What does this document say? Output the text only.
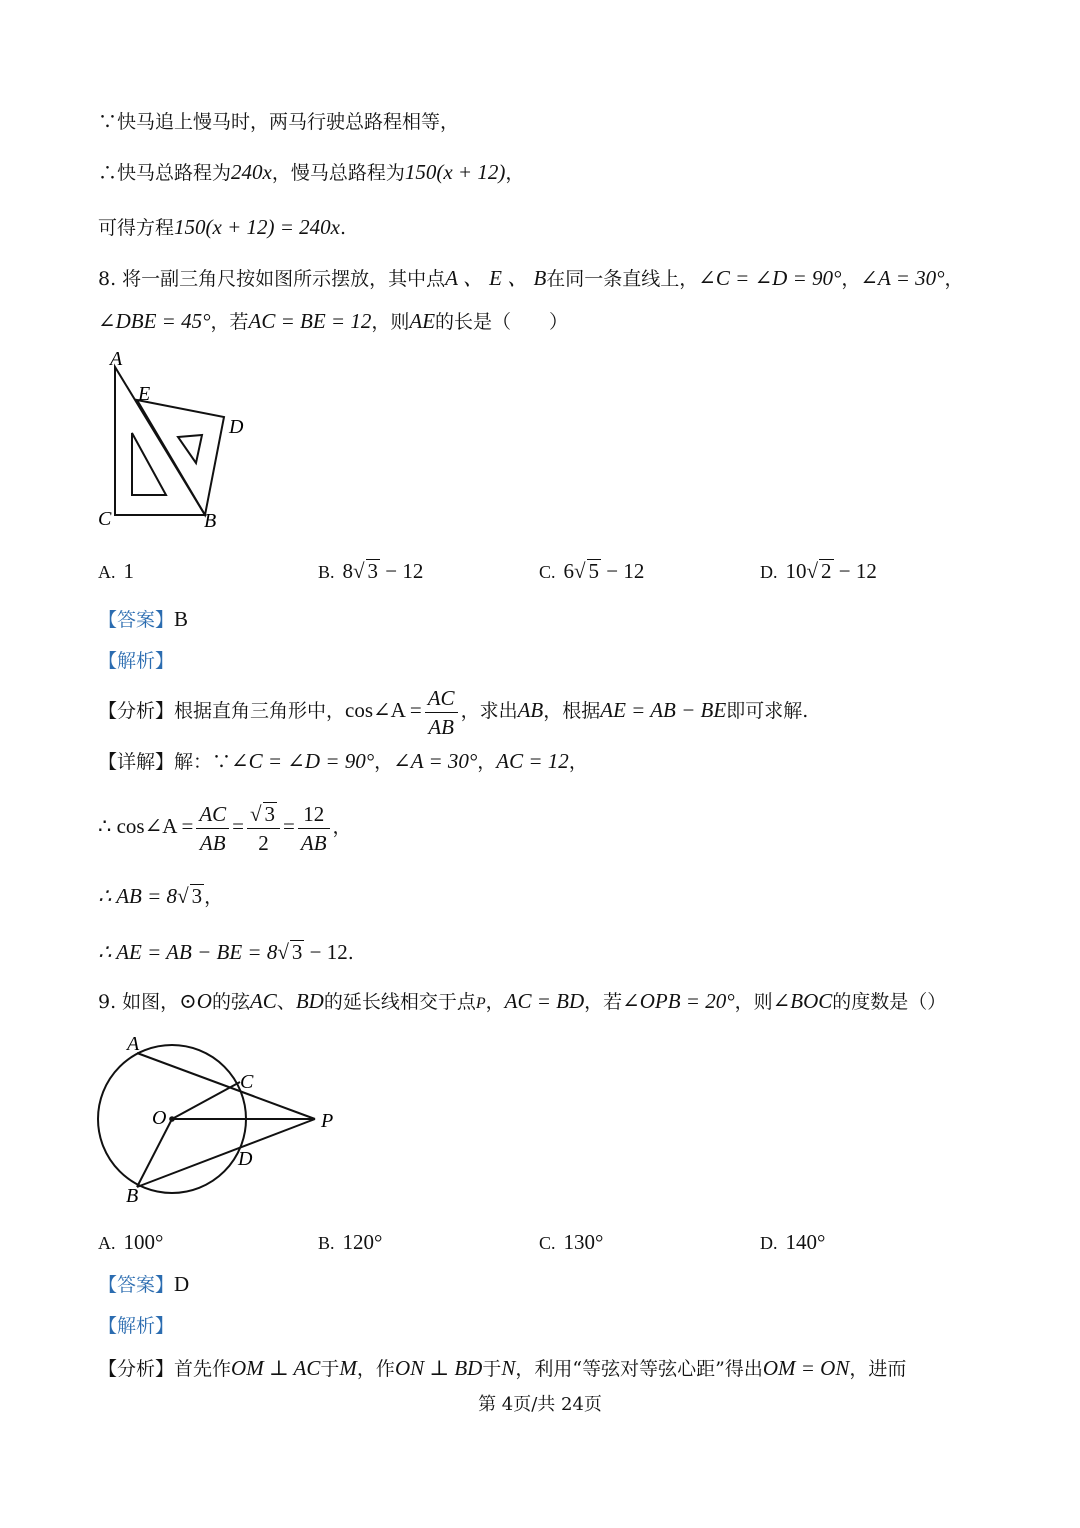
∵快马追上慢马时，两马行驶总路程相等，
∴快马总路程为240x，慢马总路程为150(x + 12)，
可得方程150(x + 12) = 240x.
8. 将一副三角尺按如图所示摆放，其中点A 、 E 、 B在同一条直线上，∠C = ∠D = 90°，∠A = 30°，
∠DBE = 45°，若AC = BE = 12，则AE的长是（　　）
A
E
D
C	B
A. 1	B. 8√ 3 − 12	C. 6√ 5 − 12	D. 10√ 2 − 12
【答案】B
【解析】
【分析】根据直角三角形中，cos∠A = $\frac{AC}{AB}$ ，求出AB，根据AE = AB − BE即可求解.
【详解】解：∵∠C = ∠D = 90°，∠A = 30°，AC = 12，
∴ cos∠A = $\frac{AC}{AB} = \frac{√ 3}{2} = \frac{12}{AB}$ ，
∴ AB = 8√ 3 ，
∴ AE = AB − BE = 8√ 3 − 12.
9. 如图，⊙O的弦AC、BD的延长线相交于点P，AC = BD，若∠OPB = 20°，则∠BOC的度数是（）
A
C
O	P
D
B
A. 100°	B. 120°	C. 130°	D. 140°
【答案】D
【解析】
【分析】首先作OM ⊥ AC于M，作ON ⊥ BD于N，利用“等弦对等弦心距”得出OM = ON，进而
第 4页/共 24页
